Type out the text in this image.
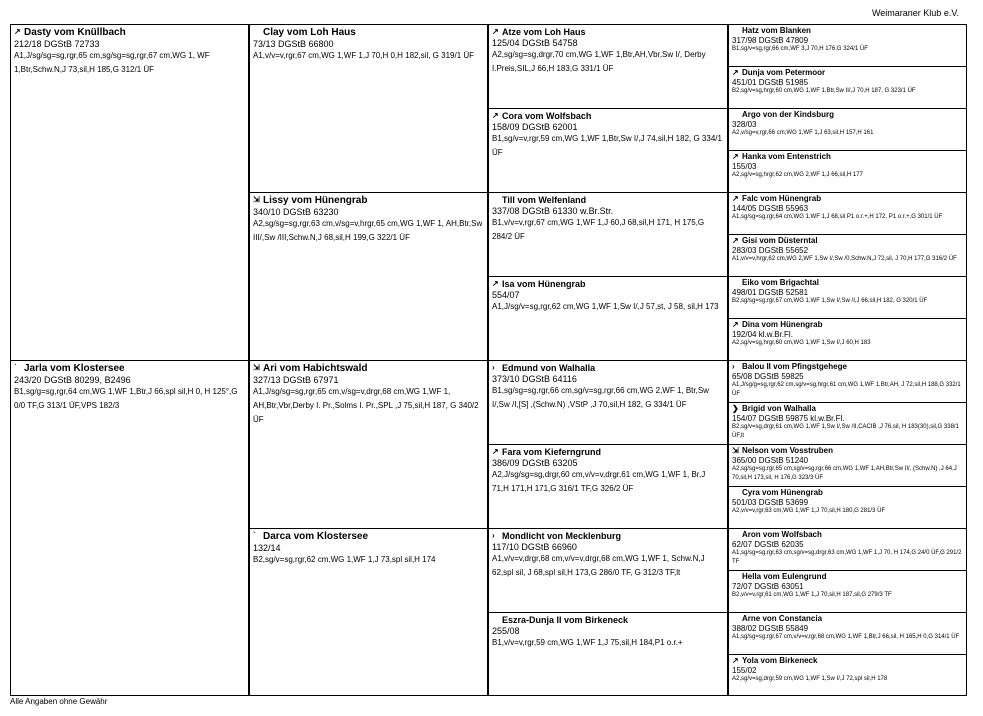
Weimaraner Klub e.V.
↗ Dasty vom Knüllbach
212/18 DGStB 72733
A1,J/sg/sg=sg,rgr,65 cm,sg/sg=sg,rgr,67 cm,WG 1, WF 1,Btr,Schw.N,J 73,sil,H 185,G 312/1 ÜF
` Jarla vom Klostersee
243/20 DGStB 80299, B2496
B1,sg/g=sg,rgr,64 cm,WG 1,WF 1,Btr,J 66,spl sil,H 0, H 125°,G 0/0 TF,G 313/1 ÜF,VPS 182/3
Clay vom Loh Haus
73/13 DGStB 66800
A1,v/v=v,rgr,67 cm,WG 1,WF 1,J 70,H 0,H 182,sil, G 319/1 ÜF
⇲ Lissy vom Hünengrab
340/10 DGStB 63230
A2,sg/sg=sg,rgr,63 cm,v/sg=v,hrgr,65 cm,WG 1,WF 1, AH,Btr,Sw III/,Sw /III,Schw.N,J 68,sil,H 199,G 322/1 ÜF
⇲ Ari vom Habichtswald
327/13 DGStB 67971
A1,J/sg/sg=sg,rgr,65 cm,v/sg=v,drgr,68 cm,WG 1,WF 1, AH,Btr,Vbr,Derby I. Pr.,Solms I. Pr.,SPL ,J 75,sil,H 187, G 340/2 ÜF
` Darca vom Klostersee
132/14
B2,sg/v=sg,rgr,62 cm,WG 1,WF 1,J 73,spl sil,H 174
↗ Atze vom Loh Haus
125/04 DGStB 54758
A2,sg/sg=sg,drgr,70 cm,WG 1,WF 1,Btr,AH,Vbr,Sw I/, Derby I.Preis,SIL,J 66,H 183,G 331/1 ÜF
↗ Cora vom Wolfsbach
158/09 DGStB 62001
B1,sg/v=v,rgr,59 cm,WG 1,WF 1,Btr,Sw I/,J 74,sil,H 182, G 334/1 ÜF
Till vom Welfenland
337/08 DGStB 61330 w.Br.Str.
B1,v/v=v,rgr,67 cm,WG 1,WF 1,J 60,J 68,sil,H 171, H 175,G 284/2 ÜF
↗ Isa vom Hünengrab
554/07
A1,J/sg/v=sg,rgr,62 cm,WG 1,WF 1,Sw I/,J 57,st, J 58, sil,H 173
› Edmund von Walhalla
373/10 DGStB 64116
B1,sg/sg=sg,rgr,66 cm,sg/v=sg,rgr,66 cm,WG 2,WF 1, Btr,Sw I/,Sw /I,[S] ,(Schw.N) ,VStP ,J 70,sil,H 182, G 334/1 ÜF
↗ Fara vom Kieferngrund
386/09 DGStB 63205
A2,J/sg/sg=sg,drgr,60 cm,v/v=v,drgr,61 cm,WG 1,WF 1, Br,J 71,H 171,H 171,G 316/1 TF,G 326/2 ÜF
› Mondlicht von Mecklenburg
117/10 DGStB 66960
A1,v/v=v,drgr,68 cm,v/v=v,drgr,68 cm,WG 1,WF 1, Schw.N,J 62,spl sil, J 68,spl sil,H 173,G 286/0 TF, G 312/3 TF,lt
Eszra-Dunja II vom Birkeneck
255/08
B1,v/v=v,rgr,59 cm,WG 1,WF 1,J 75,sil,H 184,P1 o.r.+
Hatz vom Blanken
317/98 DGStB 47809
B1,sg/v=sg,rgr,66 cm,WF 3,J 70,H 176,G 324/1 ÜF
↗ Dunja vom Petermoor
451/01 DGStB 51985
B2,sg/v=sg,hrgr,60 cm,WG 1,WF 1,Btr,Sw II/,J 70,H 187, G 323/1 ÜF
Argo von der Kindsburg
328/03
A2,v/sg=v,rgr,66 cm,WG 1,WF 1,J 63,sil,H 157,H 161
↗ Hanka vom Entenstrich
155/03
A2,sg/v=sg,hrgr,62 cm,WG 2,WF 1,J 66,sil,H 177
↗ Falc vom Hünengrab
144/05 DGStB 55963
A1,sg/sg=sg,rgr,64 cm,WG 1,WF 1,J 68,sil P1 o.r.+,H 172, P1 o.r.+,G 301/1 ÜF
↗ Gisi vom Düsterntal
283/03 DGStB 55652
A1,v/v=v,hrgr,62 cm,WG 2,WF 1,Sw I/,Sw /0,Schw.N,J 72,sil, J 70,H 177,G 316/2 ÜF
Eiko vom Brigachtal
498/01 DGStB 52581
B2,sg/sg=sg,rgr,67 cm,WG 1,WF 1,Sw I/,Sw /I,J 66,sil,H 182, G 320/1 ÜF
↗ Dina vom Hünengrab
192/04 kl.w.Br.Fl.
A2,sg/v=sg,hrgr,60 cm,WG 1,WF 1,Sw I/,J 60,H 183
› Balou II vom Pfingstgehege
65/08 DGStB 59825
A1,J/sg/g=sg,rgr,62 cm,sg/v=sg,hrgr,61 cm,WG 1,WF 1,Btr,AH, J 72,sil,H 188,G 332/1 ÜF
❯ Brigid von Walhalla
154/07 DGStB 59875 kl.w.Br.Fl.
B2,sg/v=sg,drgr,61 cm,WG 1,WF 1,Sw I/,Sw /II,CACIB ,J 76,sil, H 183(30),sil,G 338/1 ÜF,lt
⇲ Nelson vom Vosstruben
365/00 DGStB 51240
A2,sg/sg=sg,rgr,65 cm,sg/v=sg,rgr,66 cm,WG 1,WF 1,AH,Btr,Sw II/, (Schw.N) ,J 64,J 70,sil,H 173,sil, H 176,G 323/3 ÜF
Cyra vom Hünengrab
501/03 DGStB 53699
A2,v/v=v,rgr,63 cm,WG 1,WF 1,J 70,sil,H 180,G 281/3 ÜF
Aron vom Wolfsbach
62/07 DGStB 62035
A1,sg/sg=sg,rgr,63 cm,sg/v=sg,drgr,63 cm,WG 1,WF 1,J 70, H 174,G 24/0 ÜF,G 291/2 TF
Hella vom Eulengrund
72/07 DGStB 63051
B2,v/v=v,rgr,61 cm,WG 1,WF 1,J 70,sil,H 187,sil,G 279/3 TF
Arne von Constancia
388/02 DGStB 55849
A1,sg/sg=sg,rgr,67 cm,v/v=v,rgr,68 cm,WG 1,WF 1,Btr,J 66,sil, H 165,H 0,G 314/1 ÜF
↗ Yola vom Birkeneck
155/02
A2,sg/v=sg,drgr,59 cm,WG 1,WF 1,Sw I/,J 72,spl sil,H 178
Alle Angaben ohne Gewähr
